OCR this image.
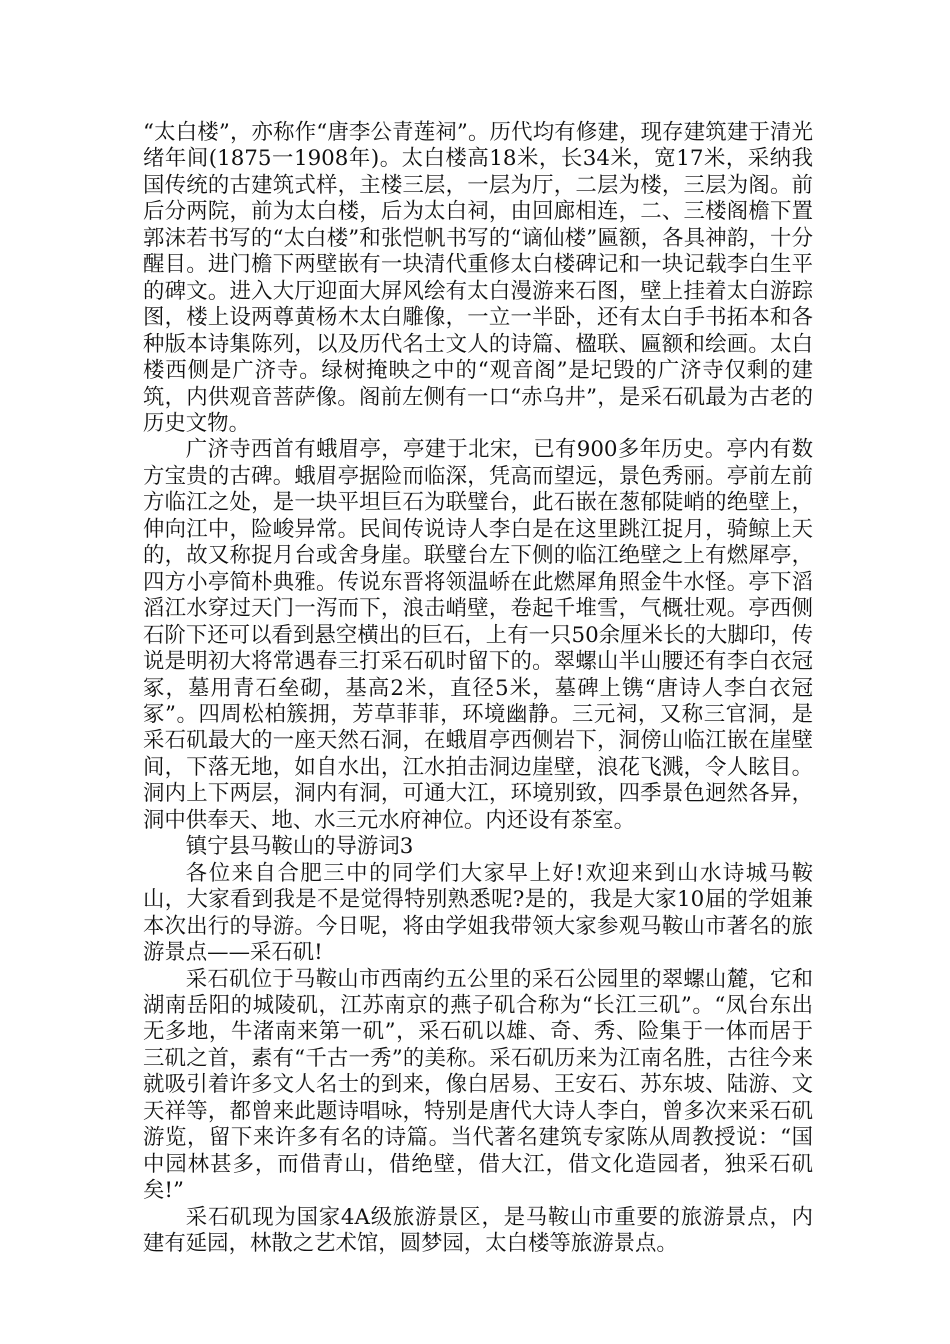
“太白楼”，亦称作“唐李公青莲祠”。历代均有修建，现存建筑建于清光绪年间(1875一1908年)。太白楼高18米，长34米，宽17米，采纳我国传统的古建筑式样，主楼三层，一层为厅，二层为楼，三层为阁。前后分两院，前为太白楼，后为太白祠，由回廊相连，二、三楼阁檐下置郭沫若书写的“太白楼”和张恺帆书写的“谪仙楼”匾额，各具神韵，十分醒目。进门檐下两壁嵌有一块清代重修太白楼碑记和一块记载李白生平的碑文。进入大厅迎面大屏风绘有太白漫游来石图，壁上挂着太白游踪图，楼上设两尊黄杨木太白雕像，一立一半卧，还有太白手书拓本和各种版本诗集陈列，以及历代名士文人的诗篇、楹联、匾额和绘画。太白楼西侧是广济寺。绿树掩映之中的“观音阁”是圮毁的广济寺仅剩的建筑，内供观音菩萨像。阁前左侧有一口“赤乌井”，是采石矶最为古老的历史文物。

广济寺西首有蛾眉亭，亭建于北宋，已有900多年历史。亭内有数方宝贵的古碑。蛾眉亭据险而临深，凭高而望远，景色秀丽。亭前左前方临江之处，是一块平坦巨石为联璧台，此石嵌在葱郁陡峭的绝壁上，伸向江中，险峻异常。民间传说诗人李白是在这里跳江捉月，骑鲸上天的，故又称捉月台或舍身崖。联璧台左下侧的临江绝壁之上有燃犀亭，四方小亭简朴典雅。传说东晋将领温峤在此燃犀角照金牛水怪。亭下滔滔江水穿过天门一泻而下，浪击峭壁，卷起千堆雪，气概壮观。亭西侧石阶下还可以看到悬空横出的巨石，上有一只50余厘米长的大脚印，传说是明初大将常遇春三打采石矶时留下的。翠螺山半山腰还有李白衣冠冢，墓用青石垒砌，基高2米，直径5米，墓碑上镌“唐诗人李白衣冠冢”。四周松柏簇拥，芳草菲菲，环境幽静。三元祠，又称三官洞，是采石矶最大的一座天然石洞，在蛾眉亭西侧岩下，洞傍山临江嵌在崖壁间，下落无地，如自水出，江水拍击洞边崖壁，浪花飞溅，令人眩目。洞内上下两层，洞内有洞，可通大江，环境别致，四季景色迥然各异，洞中供奉天、地、水三元水府神位。内还设有茶室。

镇宁县马鞍山的导游词3

各位来自合肥三中的同学们大家早上好!欢迎来到山水诗城马鞍山，大家看到我是不是觉得特别熟悉呢?是的，我是大家10届的学姐兼本次出行的导游。今日呢，将由学姐我带领大家参观马鞍山市著名的旅游景点——采石矶!

采石矶位于马鞍山市西南约五公里的采石公园里的翠螺山麓，它和湖南岳阳的城陵矶，江苏南京的燕子矶合称为“长江三矶”。“凤台东出无多地，牛渚南来第一矶”，采石矶以雄、奇、秀、险集于一体而居于三矶之首，素有“千古一秀”的美称。采石矶历来为江南名胜，古往今来就吸引着许多文人名士的到来，像白居易、王安石、苏东坡、陆游、文天祥等，都曾来此题诗唱咏，特别是唐代大诗人李白，曾多次来采石矶游览，留下来许多有名的诗篇。当代著名建筑专家陈从周教授说：“国中园林甚多，而借青山，借绝壁，借大江，借文化造园者，独采石矶矣!”

采石矶现为国家4A级旅游景区，是马鞍山市重要的旅游景点，内建有延园，林散之艺术馆，圆梦园，太白楼等旅游景点。
